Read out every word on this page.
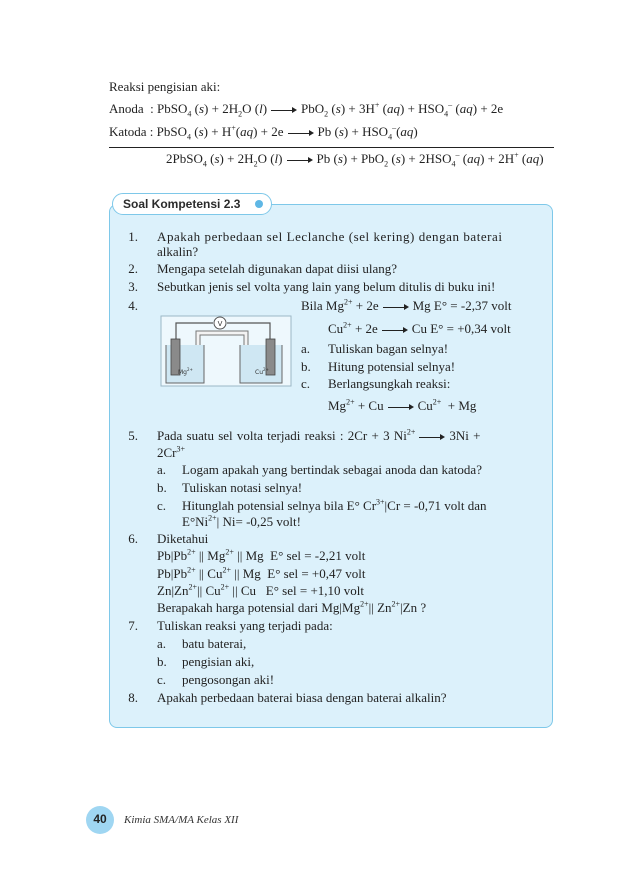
Reaksi pengisian aki:
Anoda  : PbSO$_4$ $(s) + 2H_2O$ (l)	PbO$_2$ (s) + 3H+ $(aq) + HSO_4^-$ (aq) + 2e
Katoda : PbSO$_4$ (s) + H+(aq) + 2e	Pb $(s) + HSO_4^-(aq)$
2PbSO$_4$ $(s) + 2H_2O$ (l)	Pb (s) + PbO$_2$ $(s) + 2HSO_4^-$ (aq) + 2H+ (aq)
Soal Kompetensi 2.3
1. Apakah perbedaan sel Leclanche (sel kering) dengan baterai
alkalin?
2. Mengapa setelah digunakan dapat diisi ulang?
3. Sebutkan jenis sel volta yang lain yang belum ditulis di buku ini!
4.
V
$Mg^{2+}$	$Cu^{2+}$
Bila $Mg^{2+} + 2e$	Mg E° = -2,37 volt
$Cu^{2+} + 2e$	Cu E° = +0,34 volt
a. Tuliskan bagan selnya!
b. Hitung potensial selnya!
c. Berlangsungkah reaksi:
$Mg^{2+} + Cu$	$Cu^{2+} + Mg$
5. Pada suatu sel volta terjadi reaksi : 2Cr + 3 $Ni^{2+}$	3Ni +
$2Cr^{3+}$
a. Logam apakah yang bertindak sebagai anoda dan katoda?
b. Tuliskan notasi selnya!
c. Hitunglah potensial selnya bila E° $Cr^{3+}|Cr = -0,71$ volt dan
$E^\circ Ni^{2+}|$ Ni= -0,25 volt!
6. Diketahui
$Pb|Pb^{2+}$ || $Mg^{2+}$ || Mg  E° sel = -2,21 volt
$Pb|Pb^{2+}$ || $Cu^{2+}$ || Mg  E° sel = +0,47 volt
$Zn|Zn^{2+}||$ $Cu^{2+}$ || Cu   E° sel = +1,10 volt
Berapakah harga potensial dari $Mg|Mg^{2+}||$ $Zn^{2+}|Zn$ ?
7. Tuliskan reaksi yang terjadi pada:
a. batu baterai,
b. pengisian aki,
c. pengosongan aki!
8. Apakah perbedaan baterai biasa dengan baterai alkalin?
40	Kimia SMA/MA Kelas XII
